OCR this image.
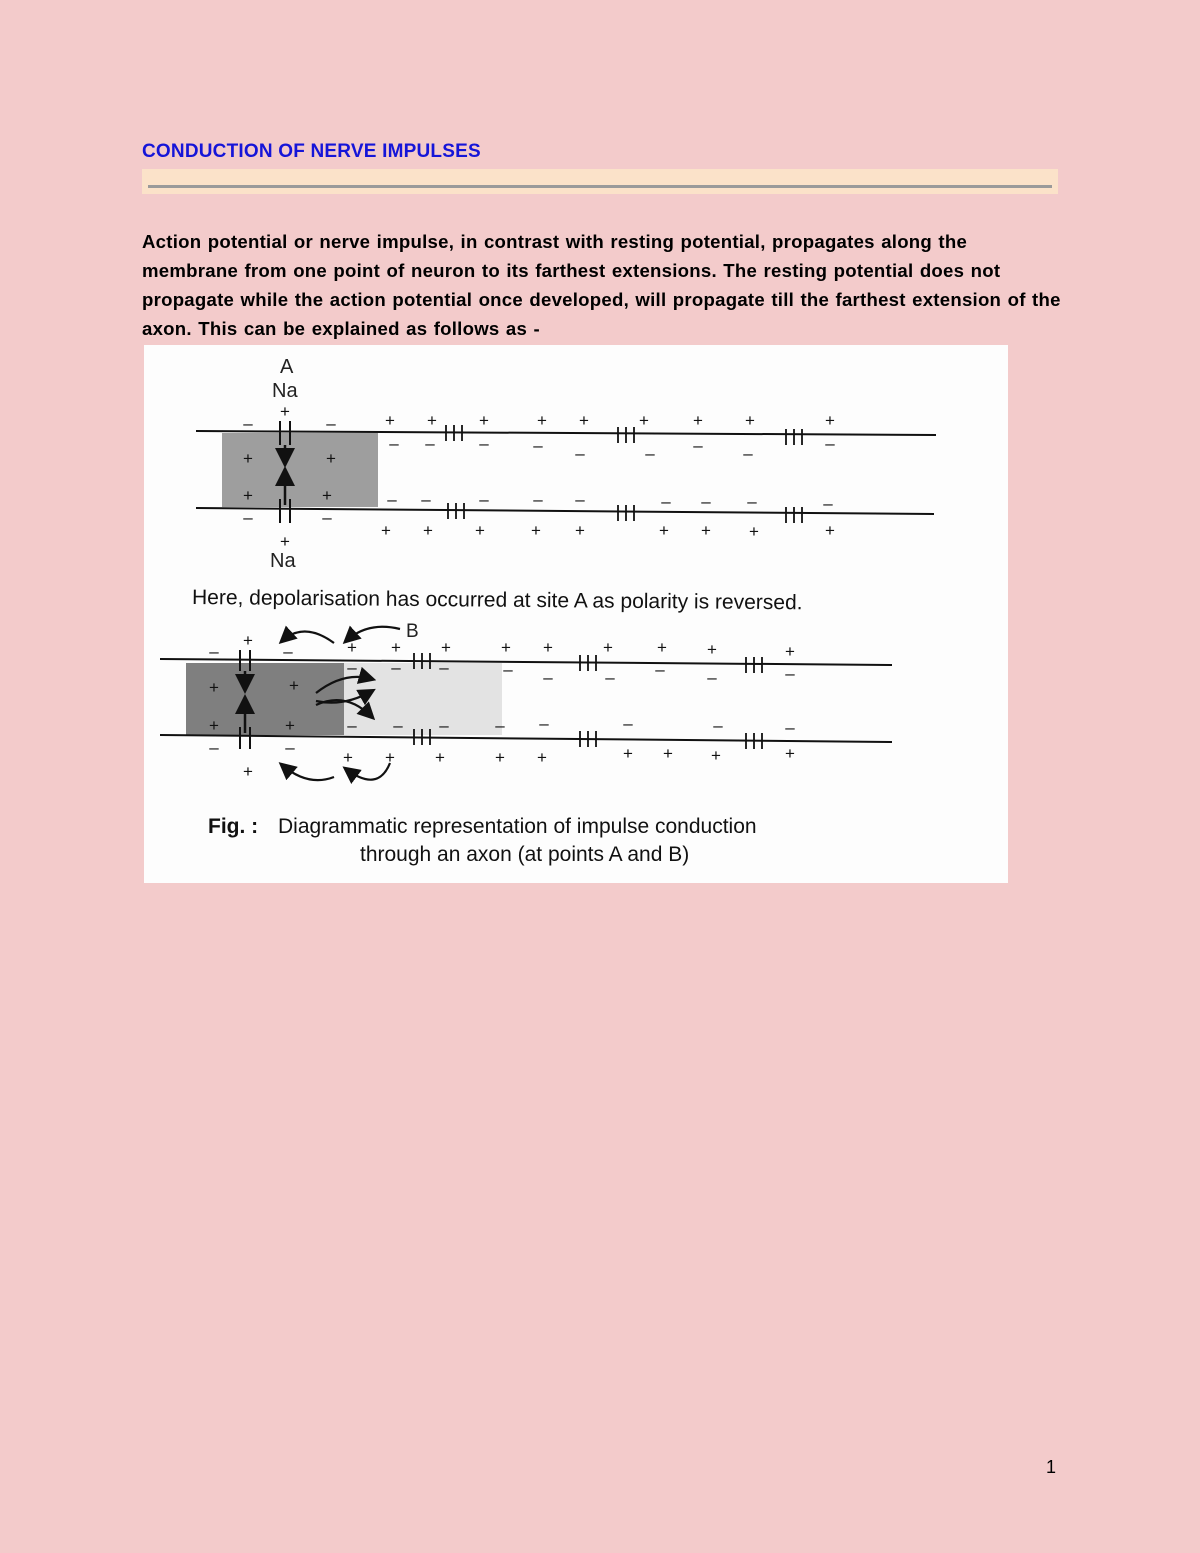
CONDUCTION OF NERVE IMPULSES
Action potential or nerve impulse, in contrast with resting potential, propagates along the membrane from one point of neuron to its farthest extensions. The resting potential does not propagate while the action potential once developed, will propagate till the farthest extension of the axon. This can be explained as follows as -
A
Na
Na
+
+
–	–
+	+
+	+
–	–
+ + +	+ +	+	+ +	+
– –	–	– –	– – –
–
– –	–	– –	– – –	–
+ + +	+ +	+ + +	+
Here, depolarisation has occurred at site A as polarity is reversed.
B
+
+
–	–
+	+
+	+
–	–
+ + +	+ +	+	+ +	+
– – –	– –	– –	–	–
– – –	– –	–	–	–
+ + +	+ +	+ + +	+
Fig. : Diagrammatic representation of impulse conduction
through an axon (at points A and B)
1
